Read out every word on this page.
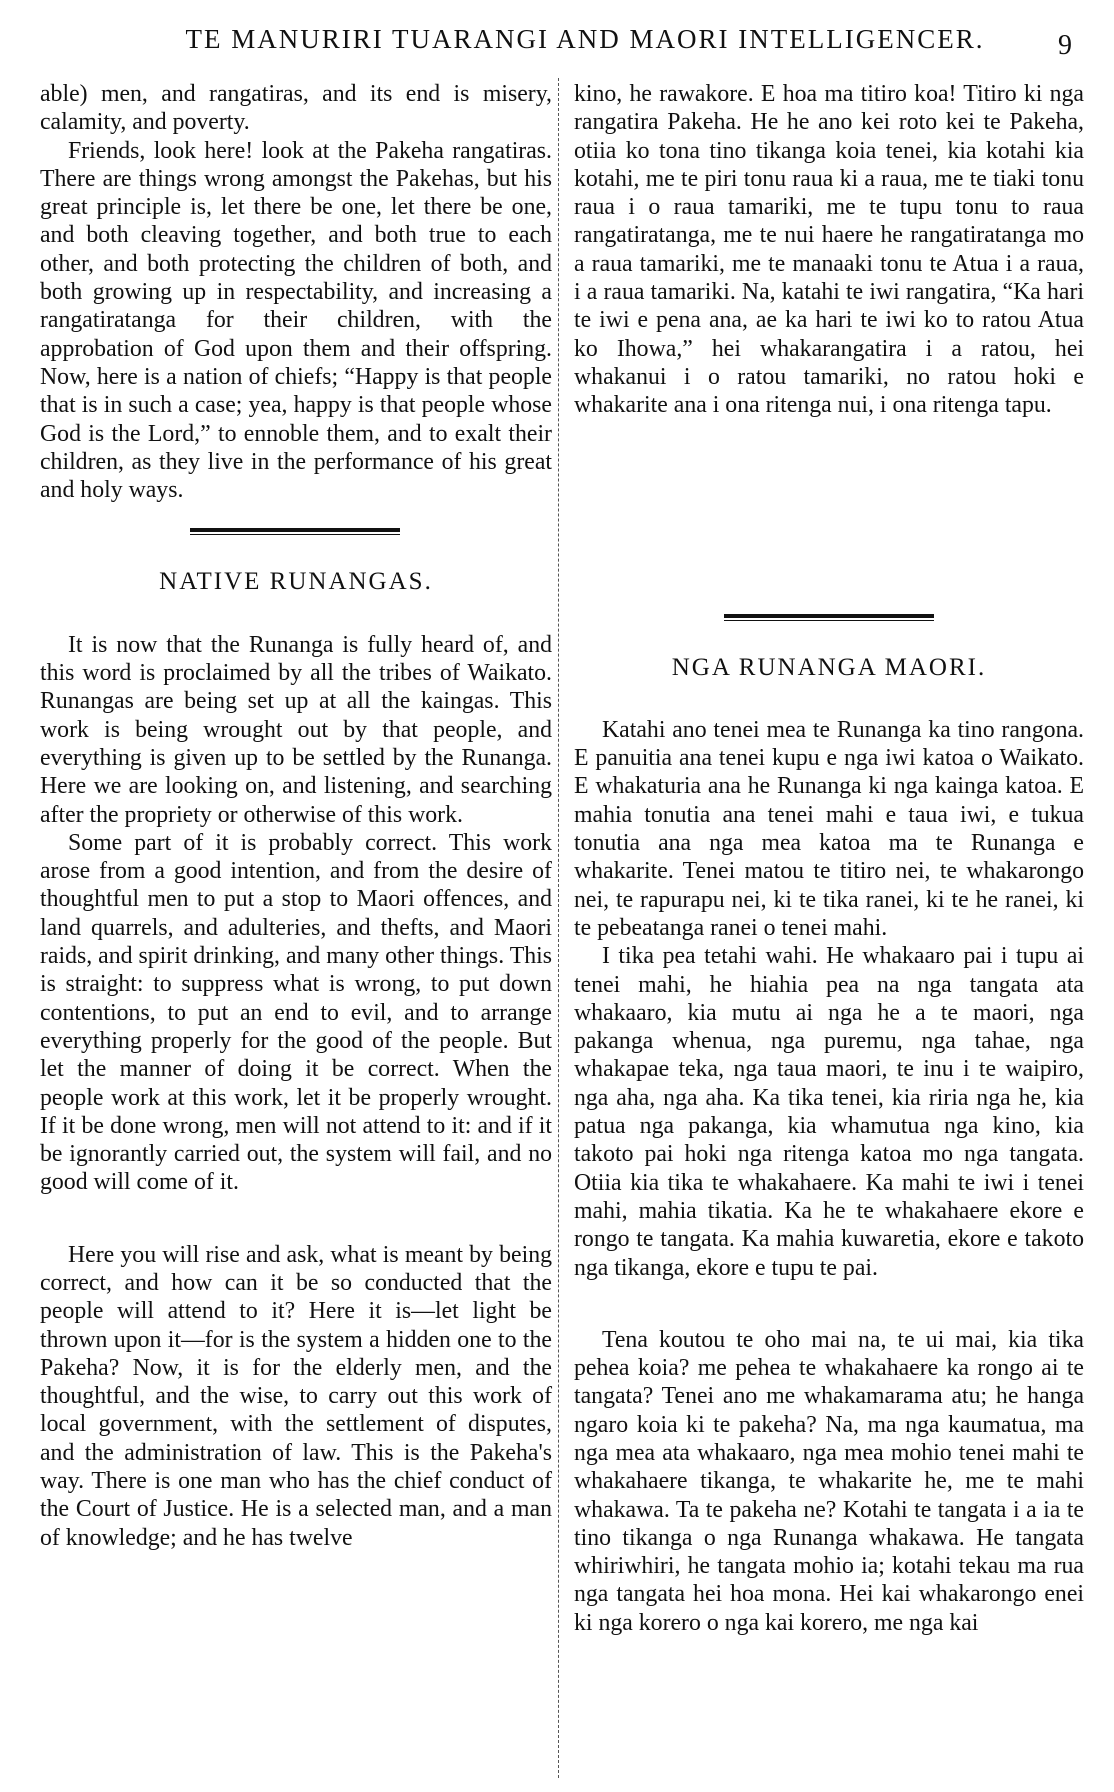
TE MANURIRI TUARANGI AND MAORI INTELLIGENCER.	9

able) men, and rangatiras, and its end is misery, calamity, and poverty.

Friends, look here! look at the Pakeha rangatiras. There are things wrong amongst the Pakehas, but his great principle is, let there be one, let there be one, and both cleaving together, and both true to each other, and both protecting the children of both, and both growing up in respectability, and increasing a rangatiratanga for their children, with the approbation of God upon them and their offspring. Now, here is a nation of chiefs; “Happy is that people that is in such a case; yea, happy is that people whose God is the Lord,” to ennoble them, and to exalt their children, as they live in the performance of his great and holy ways.

NATIVE RUNANGAS.

It is now that the Runanga is fully heard of, and this word is proclaimed by all the tribes of Waikato. Runangas are being set up at all the kaingas. This work is being wrought out by that people, and everything is given up to be settled by the Runanga. Here we are looking on, and listening, and searching after the propriety or otherwise of this work.

Some part of it is probably correct. This work arose from a good intention, and from the desire of thoughtful men to put a stop to Maori offences, and land quarrels, and adulteries, and thefts, and Maori raids, and spirit drinking, and many other things. This is straight: to suppress what is wrong, to put down contentions, to put an end to evil, and to arrange everything properly for the good of the people. But let the manner of doing it be correct. When the people work at this work, let it be properly wrought. If it be done wrong, men will not attend to it: and if it be ignorantly carried out, the system will fail, and no good will come of it.

Here you will rise and ask, what is meant by being correct, and how can it be so conducted that the people will attend to it? Here it is—let light be thrown upon it—for is the system a hidden one to the Pakeha? Now, it is for the elderly men, and the thoughtful, and the wise, to carry out this work of local government, with the settlement of disputes, and the administration of law. This is the Pakeha's way. There is one man who has the chief conduct of the Court of Justice. He is a selected man, and a man of knowledge; and he has twelve

kino, he rawakore. E hoa ma titiro koa! Titiro ki nga rangatira Pakeha. He he ano kei roto kei te Pakeha, otiia ko tona tino tikanga koia tenei, kia kotahi kia kotahi, me te piri tonu raua ki a raua, me te tiaki tonu raua i o raua tamariki, me te tupu tonu to raua rangatiratanga, me te nui haere he rangatiratanga mo a raua tamariki, me te manaaki tonu te Atua i a raua, i a raua tamariki. Na, katahi te iwi rangatira, “Ka hari te iwi e pena ana, ae ka hari te iwi ko to ratou Atua ko Ihowa,” hei whakarangatira i a ratou, hei whakanui i o ratou tamariki, no ratou hoki e whakarite ana i ona ritenga nui, i ona ritenga tapu.

NGA RUNANGA MAORI.

Katahi ano tenei mea te Runanga ka tino rangona. E panuitia ana tenei kupu e nga iwi katoa o Waikato. E whakaturia ana he Runanga ki nga kainga katoa. E mahia tonutia ana tenei mahi e taua iwi, e tukua tonutia ana nga mea katoa ma te Runanga e whakarite. Tenei matou te titiro nei, te whakarongo nei, te rapurapu nei, ki te tika ranei, ki te he ranei, ki te pebeatanga ranei o tenei mahi.

I tika pea tetahi wahi. He whakaaro pai i tupu ai tenei mahi, he hiahia pea na nga tangata ata whakaaro, kia mutu ai nga he a te maori, nga pakanga whenua, nga puremu, nga tahae, nga whakapae teka, nga taua maori, te inu i te waipiro, nga aha, nga aha. Ka tika tenei, kia riria nga he, kia patua nga pakanga, kia whamutua nga kino, kia takoto pai hoki nga ritenga katoa mo nga tangata. Otiia kia tika te whakahaere. Ka mahi te iwi i tenei mahi, mahia tikatia. Ka he te whakahaere ekore e rongo te tangata. Ka mahia kuwaretia, ekore e takoto nga tikanga, ekore e tupu te pai.

Tena koutou te oho mai na, te ui mai, kia tika pehea koia? me pehea te whakahaere ka rongo ai te tangata? Tenei ano me whakamarama atu; he hanga ngaro koia ki te pakeha? Na, ma nga kaumatua, ma nga mea ata whakaaro, nga mea mohio tenei mahi te whakahaere tikanga, te whakarite he, me te mahi whakawa. Ta te pakeha ne? Kotahi te tangata i a ia te tino tikanga o nga Runanga whakawa. He tangata whiriwhiri, he tangata mohio ia; kotahi tekau ma rua nga tangata hei hoa mona. Hei kai whakarongo enei ki nga korero o nga kai korero, me nga kai
